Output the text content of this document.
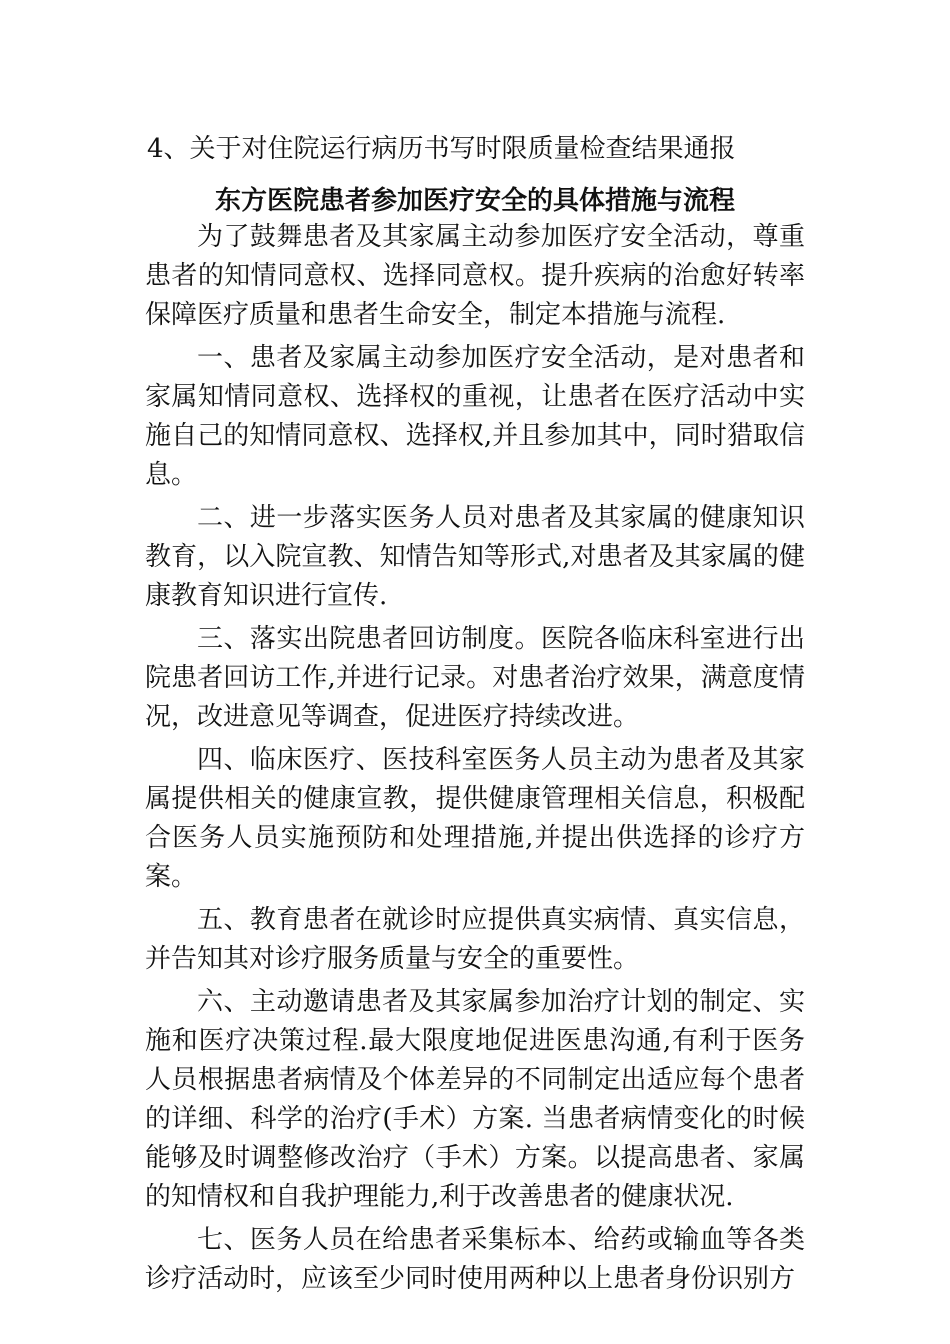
4、关于对住院运行病历书写时限质量检查结果通报
东方医院患者参加医疗安全的具体措施与流程

为了鼓舞患者及其家属主动参加医疗安全活动，尊重患者的知情同意权、选择同意权。提升疾病的治愈好转率保障医疗质量和患者生命安全，制定本措施与流程.

一、患者及家属主动参加医疗安全活动，是对患者和家属知情同意权、选择权的重视，让患者在医疗活动中实施自己的知情同意权、选择权,并且参加其中，同时猎取信息。

二、进一步落实医务人员对患者及其家属的健康知识教育，以入院宣教、知情告知等形式,对患者及其家属的健康教育知识进行宣传.

三、落实出院患者回访制度。医院各临床科室进行出院患者回访工作,并进行记录。对患者治疗效果，满意度情况，改进意见等调查，促进医疗持续改进。

四、临床医疗、医技科室医务人员主动为患者及其家属提供相关的健康宣教，提供健康管理相关信息，积极配合医务人员实施预防和处理措施,并提出供选择的诊疗方案。

五、教育患者在就诊时应提供真实病情、真实信息，并告知其对诊疗服务质量与安全的重要性。

六、主动邀请患者及其家属参加治疗计划的制定、实施和医疗决策过程.最大限度地促进医患沟通,有利于医务人员根据患者病情及个体差异的不同制定出适应每个患者的详细、科学的治疗(手术）方案. 当患者病情变化的时候能够及时调整修改治疗（手术）方案。以提高患者、家属的知情权和自我护理能力,利于改善患者的健康状况.

七、医务人员在给患者采集标本、给药或输血等各类诊疗活动时，应该至少同时使用两种以上患者身份识别方
